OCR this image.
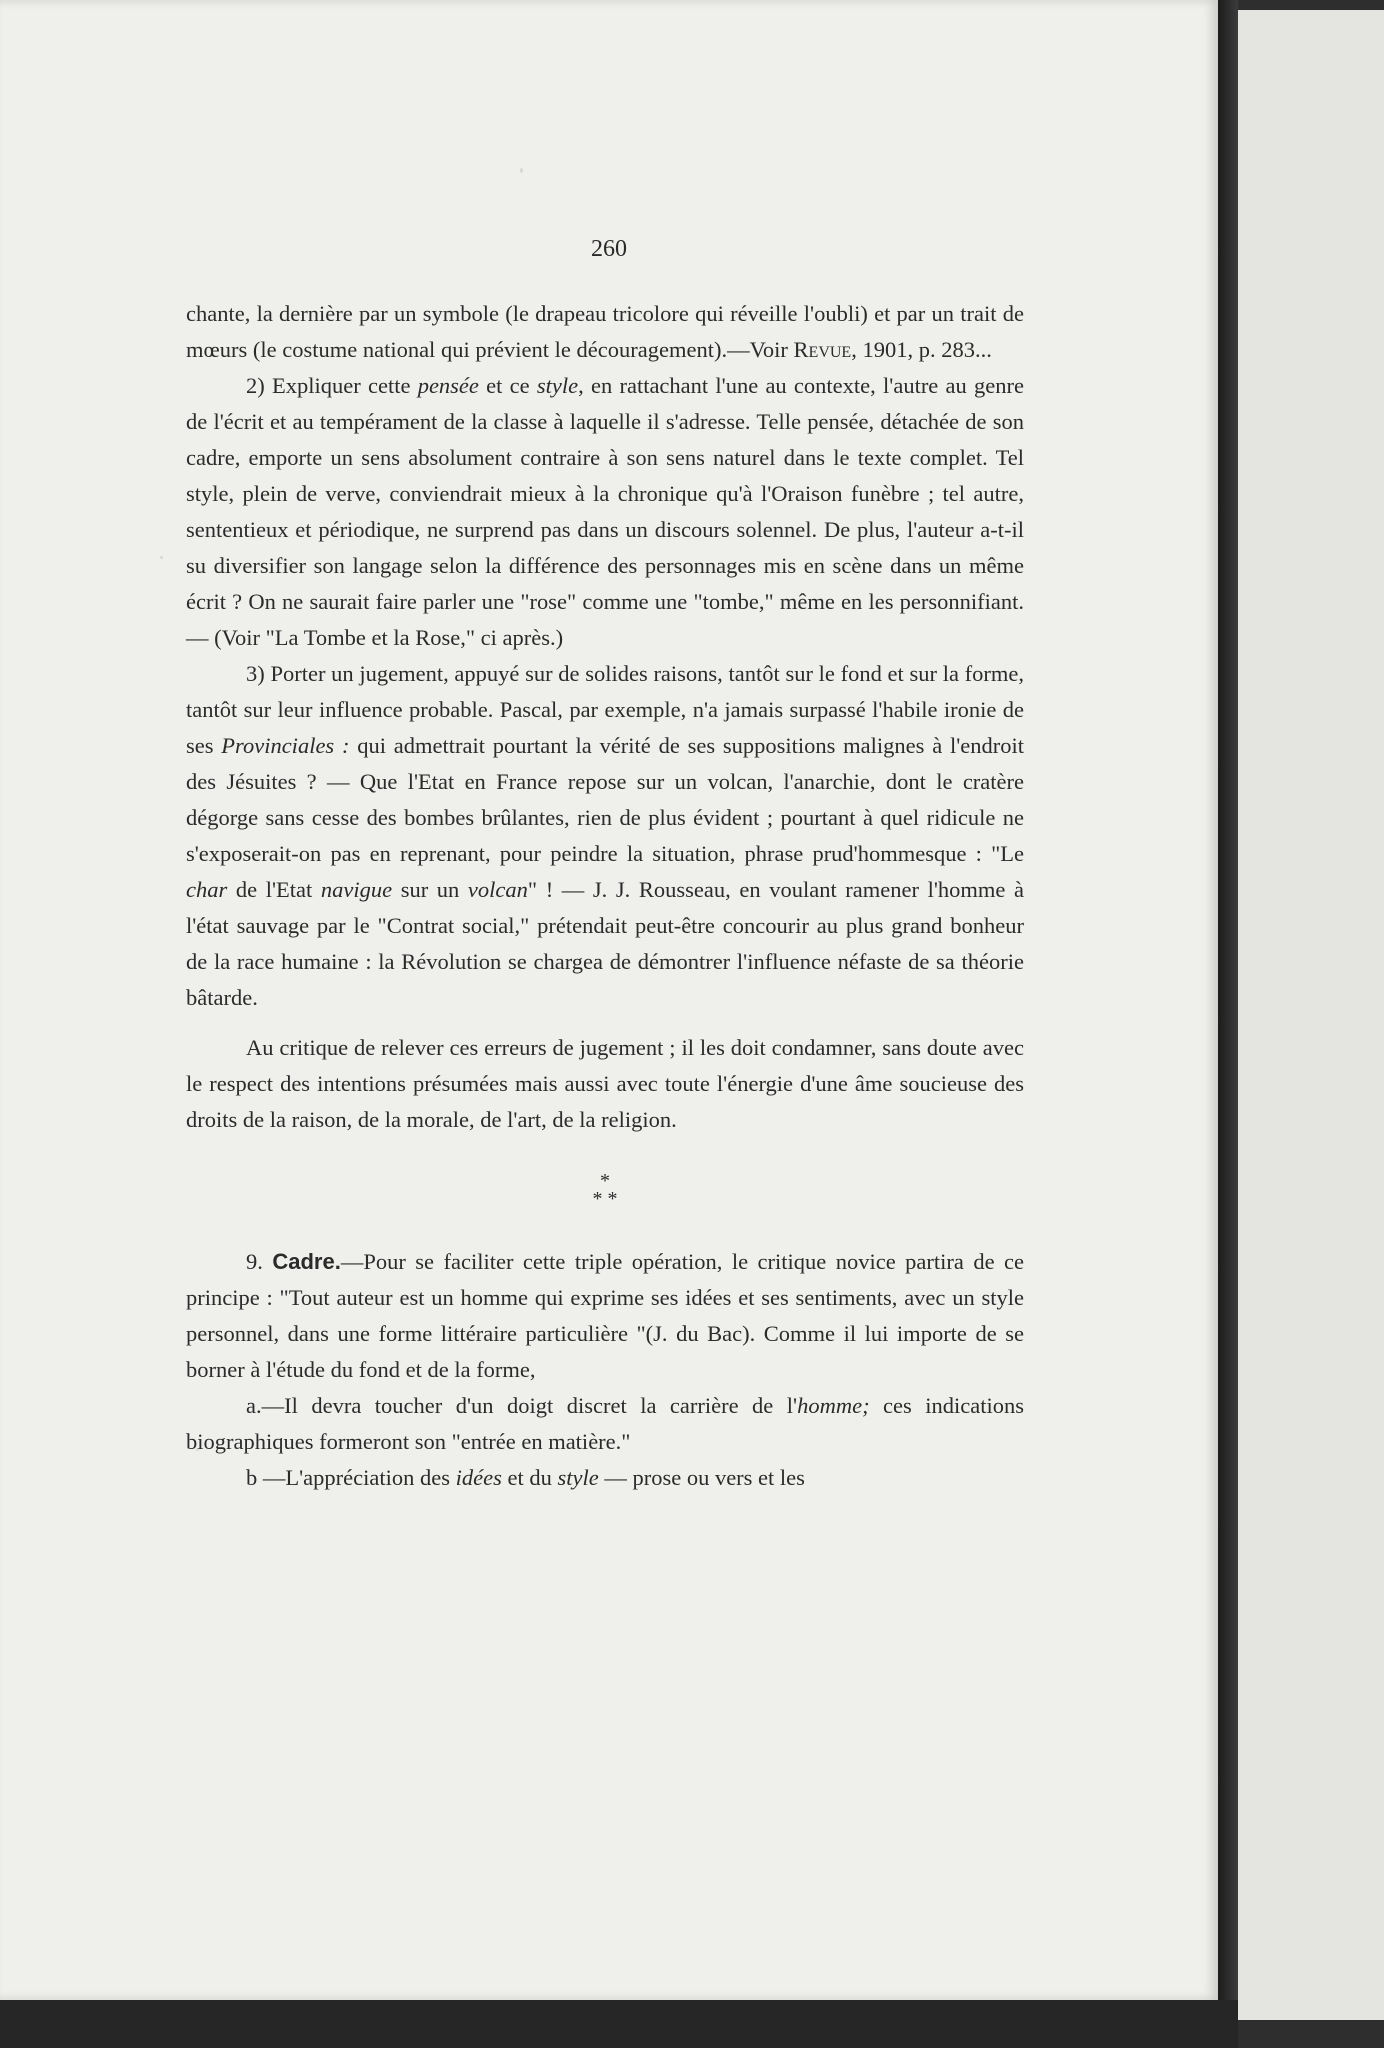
260

chante, la dernière par un symbole (le drapeau tricolore qui réveille l'oubli) et par un trait de mœurs (le costume national qui prévient le découragement).—Voir Revue, 1901, p. 283...

2) Expliquer cette pensée et ce style, en rattachant l'une au contexte, l'autre au genre de l'écrit et au tempérament de la classe à laquelle il s'adresse. Telle pensée, détachée de son cadre, emporte un sens absolument contraire à son sens naturel dans le texte complet. Tel style, plein de verve, conviendrait mieux à la chronique qu'à l'Oraison funèbre ; tel autre, sententieux et périodique, ne surprend pas dans un discours solennel. De plus, l'auteur a-t-il su diversifier son langage selon la différence des personnages mis en scène dans un même écrit ? On ne saurait faire parler une "rose" comme une "tombe," même en les personnifiant. — (Voir "La Tombe et la Rose," ci après.)

3) Porter un jugement, appuyé sur de solides raisons, tantôt sur le fond et sur la forme, tantôt sur leur influence probable. Pascal, par exemple, n'a jamais surpassé l'habile ironie de ses Provinciales : qui admettrait pourtant la vérité de ses suppositions malignes à l'endroit des Jésuites ? — Que l'Etat en France repose sur un volcan, l'anarchie, dont le cratère dégorge sans cesse des bombes brûlantes, rien de plus évident ; pourtant à quel ridicule ne s'exposerait-on pas en reprenant, pour peindre la situation, phrase prud'hommesque : "Le char de l'Etat navigue sur un volcan" ! — J. J. Rousseau, en voulant ramener l'homme à l'état sauvage par le "Contrat social," prétendait peut-être concourir au plus grand bonheur de la race humaine : la Révolution se chargea de démontrer l'influence néfaste de sa théorie bâtarde.

Au critique de relever ces erreurs de jugement ; il les doit condamner, sans doute avec le respect des intentions présumées mais aussi avec toute l'énergie d'une âme soucieuse des droits de la raison, de la morale, de l'art, de la religion.

*
* *

9. Cadre.—Pour se faciliter cette triple opération, le critique novice partira de ce principe : "Tout auteur est un homme qui exprime ses idées et ses sentiments, avec un style personnel, dans une forme littéraire particulière "(J. du Bac). Comme il lui importe de se borner à l'étude du fond et de la forme,

a.—Il devra toucher d'un doigt discret la carrière de l'homme; ces indications biographiques formeront son "entrée en matière."

b —L'appréciation des idées et du style — prose ou vers et les
